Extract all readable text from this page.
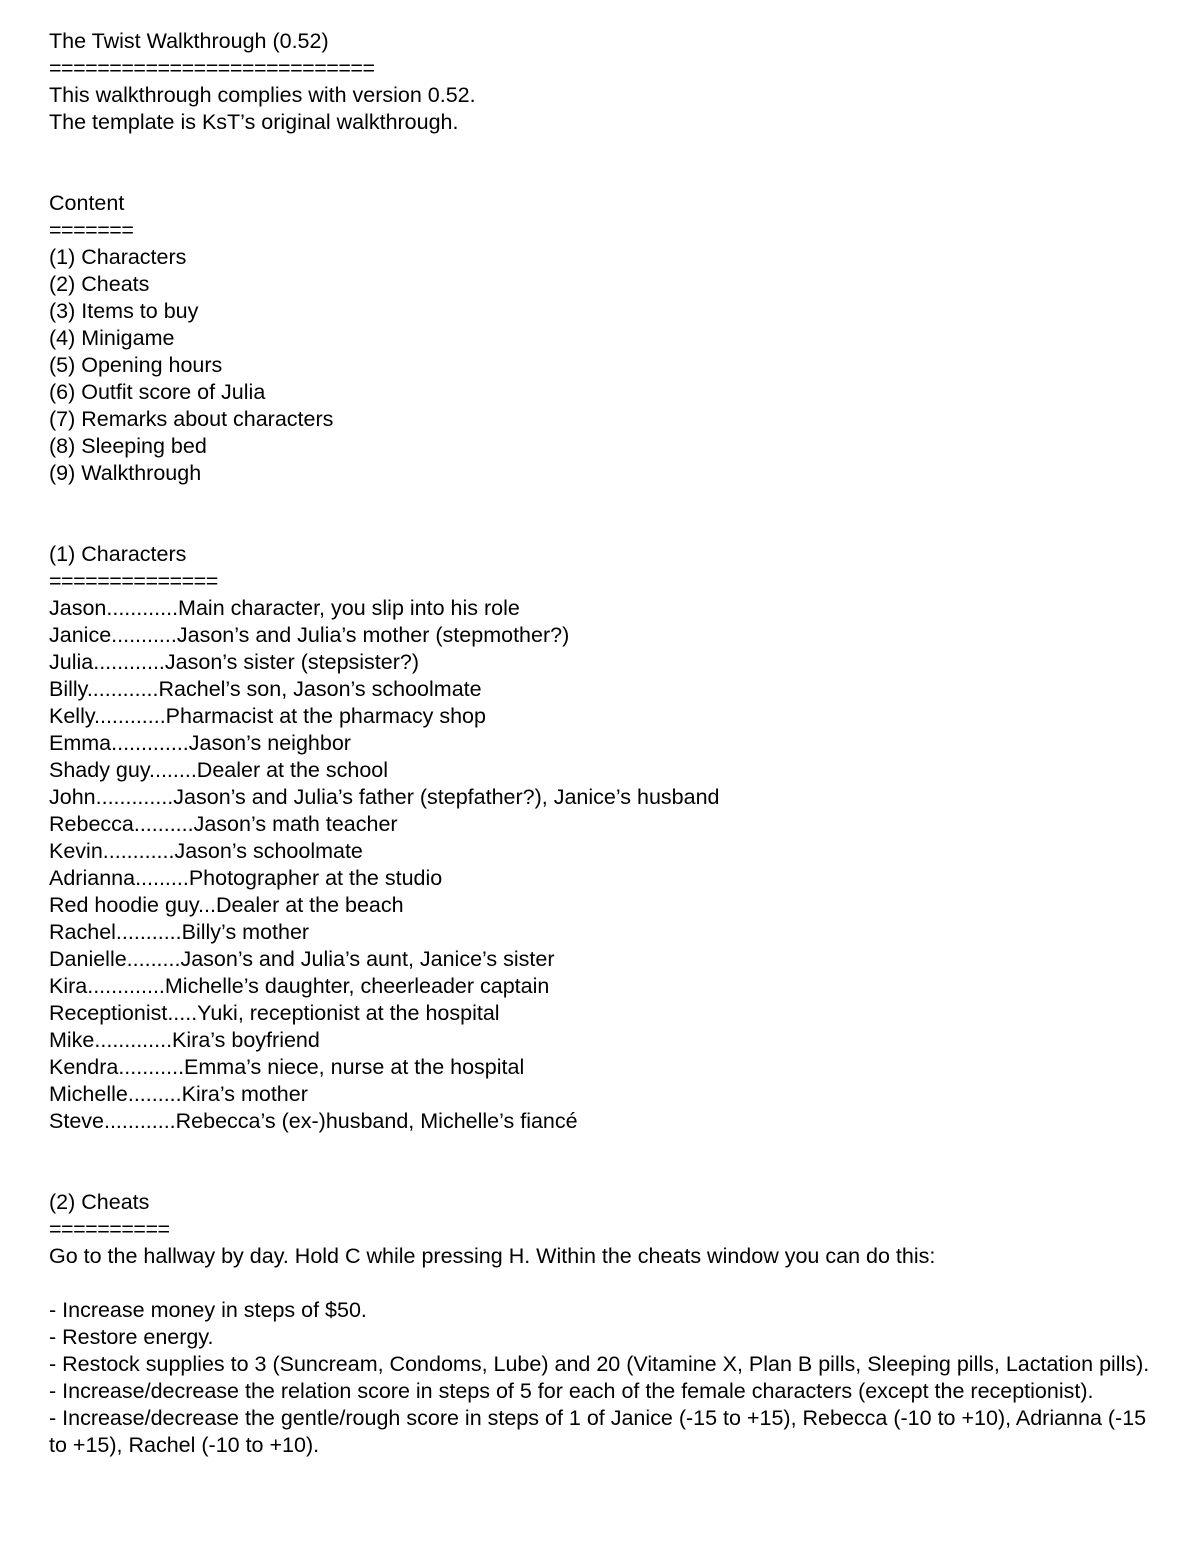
The Twist Walkthrough (0.52)
===========================
This walkthrough complies with version 0.52.
The template is KsT’s original walkthrough.
Content
=======
(1) Characters
(2) Cheats
(3) Items to buy
(4) Minigame
(5) Opening hours
(6) Outfit score of Julia
(7) Remarks about characters
(8) Sleeping bed
(9) Walkthrough
(1) Characters
==============
Jason............Main character, you slip into his role
Janice...........Jason’s and Julia’s mother (stepmother?)
Julia............Jason’s sister (stepsister?)
Billy............Rachel’s son, Jason’s schoolmate
Kelly............Pharmacist at the pharmacy shop
Emma.............Jason’s neighbor
Shady guy........Dealer at the school
John.............Jason’s and Julia’s father (stepfather?), Janice’s husband
Rebecca..........Jason’s math teacher
Kevin............Jason’s schoolmate
Adrianna.........Photographer at the studio
Red hoodie guy...Dealer at the beach
Rachel...........Billy’s mother
Danielle.........Jason’s and Julia’s aunt, Janice’s sister
Kira.............Michelle’s daughter, cheerleader captain
Receptionist.....Yuki, receptionist at the hospital
Mike.............Kira’s boyfriend
Kendra...........Emma’s niece, nurse at the hospital
Michelle.........Kira’s mother
Steve............Rebecca’s (ex-)husband, Michelle’s fiancé
(2) Cheats
==========
Go to the hallway by day. Hold C while pressing H. Within the cheats window you can do this:
- Increase money in steps of $50.
- Restore energy.
- Restock supplies to 3 (Suncream, Condoms, Lube) and 20 (Vitamine X, Plan B pills, Sleeping pills, Lactation pills).
- Increase/decrease the relation score in steps of 5 for each of the female characters (except the receptionist).
- Increase/decrease the gentle/rough score in steps of 1 of Janice (-15 to +15), Rebecca (-10 to +10), Adrianna (-15 to +15), Rachel (-10 to +10).
